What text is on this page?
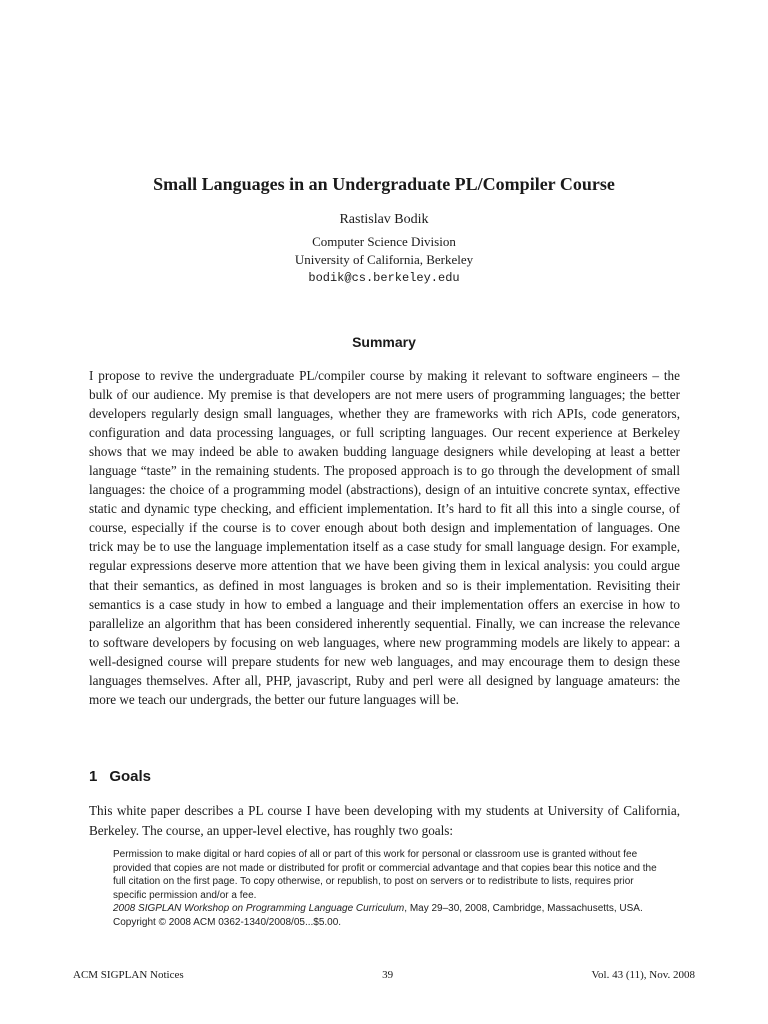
Small Languages in an Undergraduate PL/Compiler Course
Rastislav Bodik
Computer Science Division
University of California, Berkeley
bodik@cs.berkeley.edu
Summary

I propose to revive the undergraduate PL/compiler course by making it relevant to software engineers – the bulk of our audience. My premise is that developers are not mere users of programming languages; the better developers regularly design small languages, whether they are frameworks with rich APIs, code generators, configuration and data processing languages, or full scripting languages. Our recent experience at Berkeley shows that we may indeed be able to awaken budding language designers while developing at least a better language “taste” in the remaining students. The proposed approach is to go through the development of small languages: the choice of a programming model (abstractions), design of an intuitive concrete syntax, effective static and dynamic type checking, and efficient implementation. It’s hard to fit all this into a single course, of course, especially if the course is to cover enough about both design and implementation of languages. One trick may be to use the language implementation itself as a case study for small language design. For example, regular expressions deserve more attention that we have been giving them in lexical analysis: you could argue that their semantics, as defined in most languages is broken and so is their implementation. Revisiting their semantics is a case study in how to embed a language and their implementation offers an exercise in how to parallelize an algorithm that has been considered inherently sequential. Finally, we can increase the relevance to software developers by focusing on web languages, where new programming models are likely to appear: a well-designed course will prepare students for new web languages, and may encourage them to design these languages themselves. After all, PHP, javascript, Ruby and perl were all designed by language amateurs: the more we teach our undergrads, the better our future languages will be.

1 Goals

This white paper describes a PL course I have been developing with my students at University of California, Berkeley. The course, an upper-level elective, has roughly two goals:

Permission to make digital or hard copies of all or part of this work for personal or classroom use is granted without fee provided that copies are not made or distributed for profit or commercial advantage and that copies bear this notice and the full citation on the first page. To copy otherwise, or republish, to post on servers or to redistribute to lists, requires prior specific permission and/or a fee.

2008 SIGPLAN Workshop on Programming Language Curriculum, May 29–30, 2008, Cambridge, Massachusetts, USA.

Copyright © 2008 ACM 0362-1340/2008/05...$5.00.

ACM SIGPLAN Notices	39	Vol. 43 (11), Nov. 2008
